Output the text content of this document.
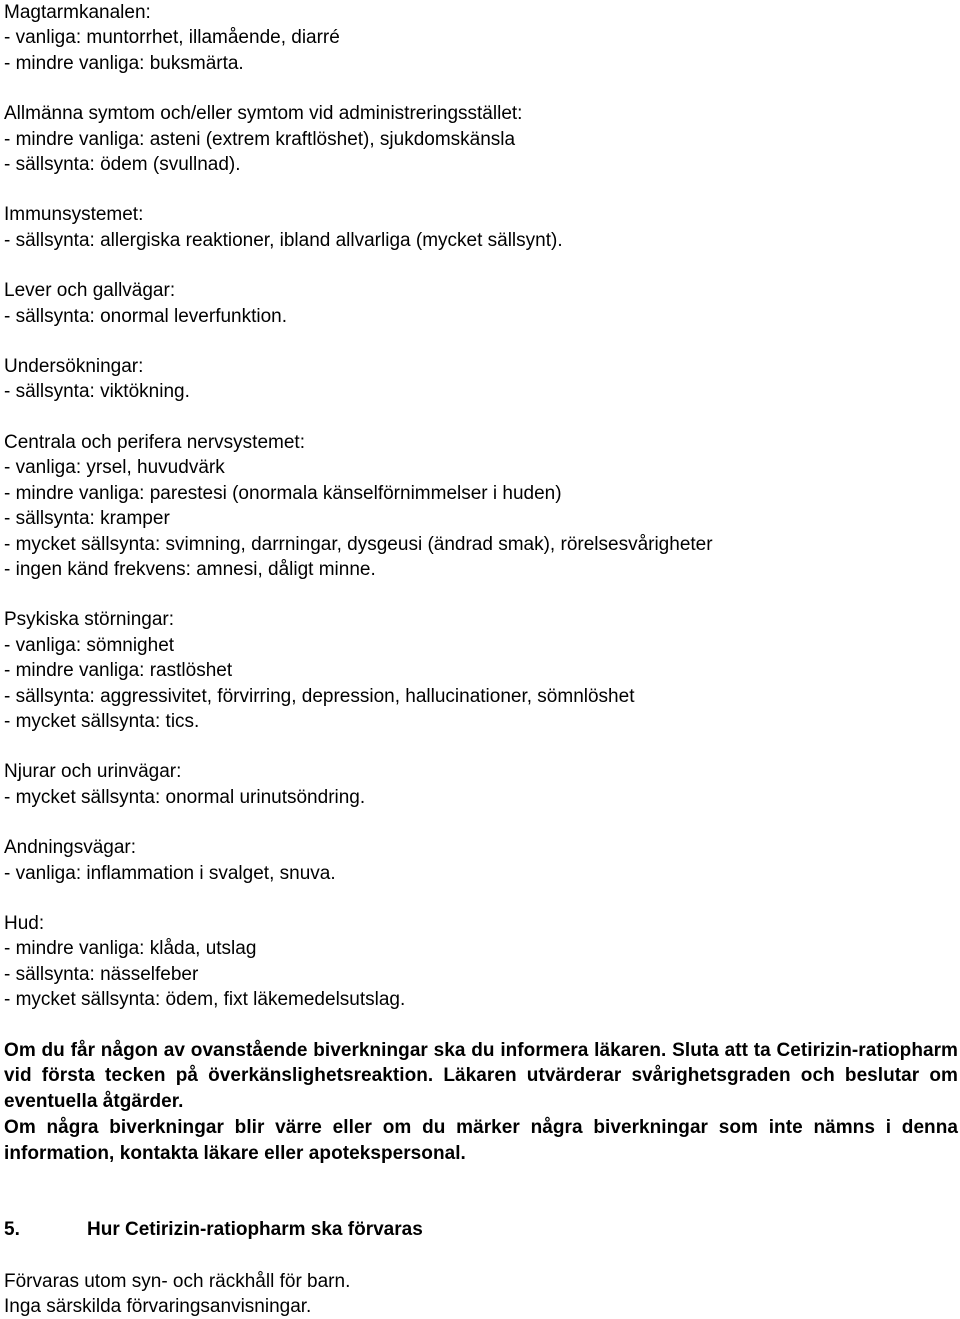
Magtarmkanalen:
- vanliga: muntorrhet, illamående, diarré
- mindre vanliga: buksmärta.
Allmänna symtom och/eller symtom vid administreringsstället:
- mindre vanliga: asteni (extrem kraftlöshet), sjukdomskänsla
- sällsynta: ödem (svullnad).
Immunsystemet:
- sällsynta: allergiska reaktioner, ibland allvarliga (mycket sällsynt).
Lever och gallvägar:
- sällsynta: onormal leverfunktion.
Undersökningar:
- sällsynta: viktökning.
Centrala och perifera nervsystemet:
- vanliga: yrsel, huvudvärk
- mindre vanliga: parestesi (onormala känselförnimmelser i huden)
- sällsynta: kramper
- mycket sällsynta: svimning, darrningar, dysgeusi (ändrad smak), rörelsesvårigheter
- ingen känd frekvens: amnesi, dåligt minne.
Psykiska störningar:
- vanliga: sömnighet
- mindre vanliga: rastlöshet
- sällsynta: aggressivitet, förvirring, depression, hallucinationer, sömnlöshet
- mycket sällsynta: tics.
Njurar och urinvägar:
- mycket sällsynta: onormal urinutsöndring.
Andningsvägar:
- vanliga: inflammation i svalget, snuva.
Hud:
- mindre vanliga: klåda, utslag
- sällsynta: nässelfeber
- mycket sällsynta: ödem, fixt läkemedelsutslag.

Om du får någon av ovanstående biverkningar ska du informera läkaren. Sluta att ta Cetirizin-ratiopharm vid första tecken på överkänslighetsreaktion. Läkaren utvärderar svårighetsgraden och beslutar om eventuella åtgärder.

Om några biverkningar blir värre eller om du märker några biverkningar som inte nämns i denna information, kontakta läkare eller apotekspersonal.

5.	Hur Cetirizin-ratiopharm ska förvaras
Förvaras utom syn- och räckhåll för barn.
Inga särskilda förvaringsanvisningar.
